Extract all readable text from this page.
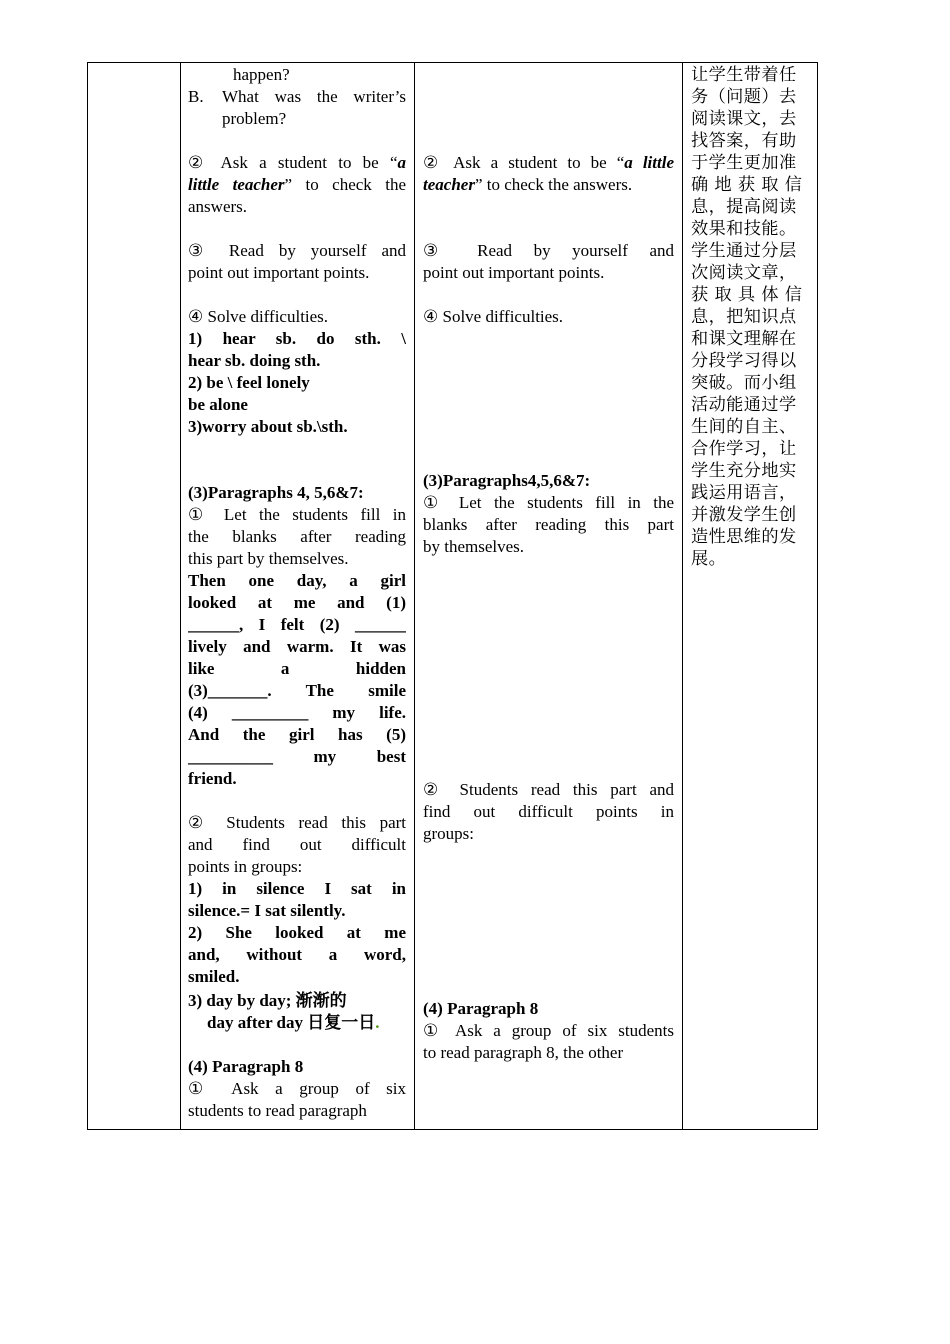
happen?

B. What was the writer’s

problem?

② Ask a student to be “a

little teacher” to check the

answers.

③ Read by yourself and

point out important points.

④ Solve difficulties.

1) hear sb. do sth. \

hear sb. doing sth.

2) be \ feel lonely

be alone

3)worry about sb.\sth.

(3)Paragraphs 4, 5,6&7:

① Let the students fill in

the blanks after reading

this part by themselves.

Then one day, a girl

looked at me and (1)

______, I felt (2) ______

lively and warm. It was

like a hidden

(3)_______. The smile

(4) _________ my life.

And the girl has (5)

__________ my best

friend.

② Students read this part

and find out difficult

points in groups:

1) in silence I sat in

silence.= I sat silently.

2) She looked at me

and, without a word,

smiled.

3) day by day; 渐渐的

day after day 日复一日.

(4) Paragraph 8

① Ask a group of six

students to read paragraph

② Ask a student to be “a little

teacher” to check the answers.

③ Read by yourself and

point out important points.

④ Solve difficulties.

(3)Paragraphs4,5,6&7:

① Let the students fill in the

blanks after reading this part

by themselves.

② Students read this part and

find out difficult points in

groups:

(4) Paragraph 8

① Ask a group of six students

to read paragraph 8, the other

让学生带着任
务（问题）去
阅读课文，去
找答案，有助
于学生更加准
确 地 获 取 信
息，提高阅读
效果和技能。
学生通过分层
次阅读文章，
获 取 具 体 信
息，把知识点
和课文理解在
分段学习得以
突破。而小组
活动能通过学
生间的自主、
合作学习，让
学生充分地实
践运用语言，
并激发学生创
造性思维的发
展。
